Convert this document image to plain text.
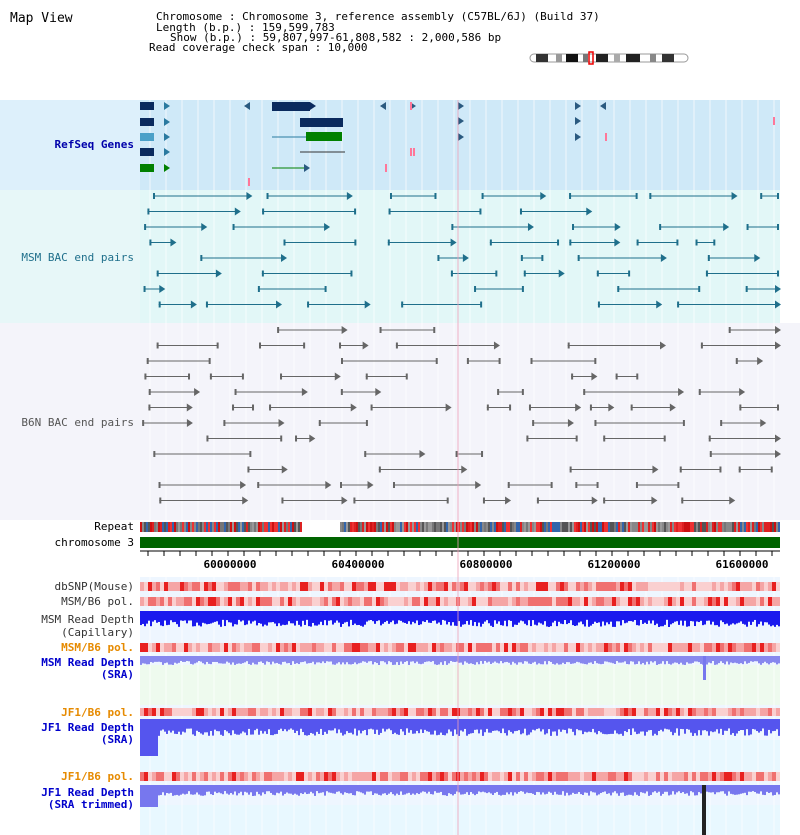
Map View	Chromosome : Chromosome 3, reference assembly (C57BL/6J) (Build 37)
Length (b.p.) : 159,599,783
Show (b.p.) : 59,807,997-61,808,582 : 2,000,586 bp
Read coverage check span : 10,000
RefSeq Genes
MSM BAC end pairs
B6N BAC end pairs
Repeat
chromosome 3
dbSNP(Mouse)
MSM/B6 pol.
MSM Read Depth
(Capillary)
MSM/B6 pol.
MSM Read Depth
(SRA)
JF1/B6 pol.
JF1 Read Depth
(SRA)
JF1/B6 pol.
JF1 Read Depth
(SRA trimmed)
60000000	60400000	60800000	61200000	61600000
